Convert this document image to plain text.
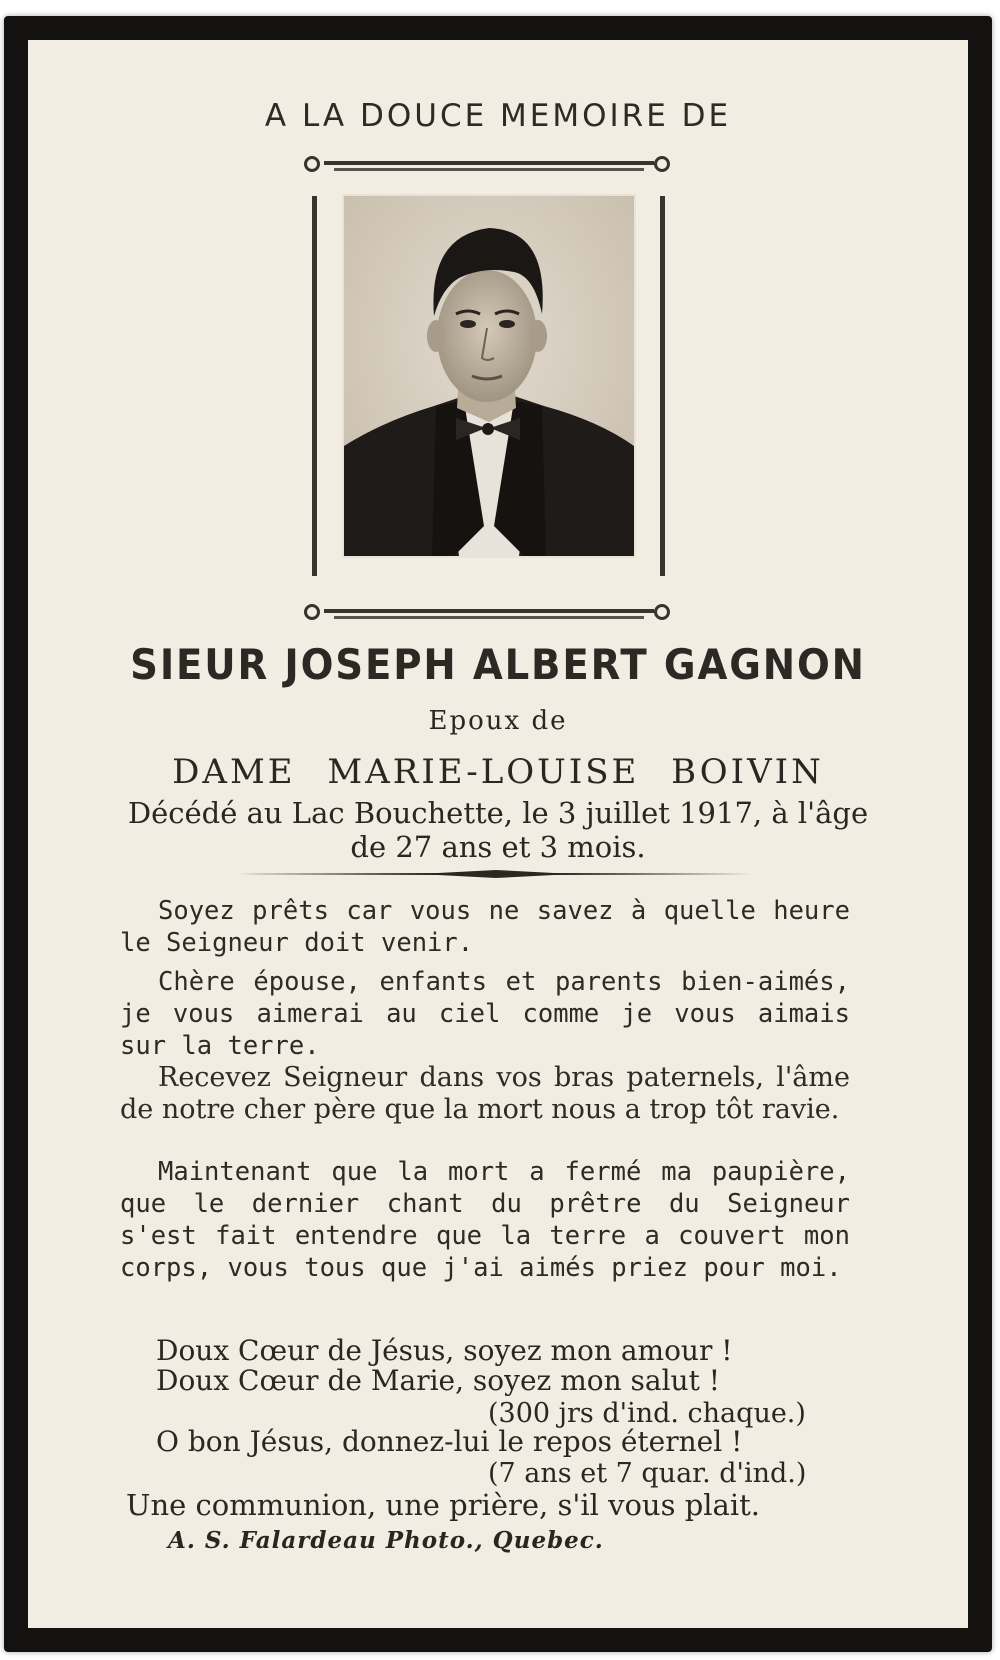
A LA DOUCE MEMOIRE DE
SIEUR JOSEPH ALBERT GAGNON
Epoux de
DAME MARIE-LOUISE BOIVIN
Décédé au Lac Bouchette, le 3 juillet 1917, à l'âge
de 27 ans et 3 mois.
Soyez prêts car vous ne savez à quelle heure le Seigneur doit venir.
Chère épouse, enfants et parents bien-aimés, je vous aimerai au ciel comme je vous aimais sur la terre.
Recevez Seigneur dans vos bras paternels, l'âme de notre cher père que la mort nous a trop tôt ravie.
Maintenant que la mort a fermé ma paupière, que le dernier chant du prêtre du Seigneur s'est fait entendre que la terre a couvert mon corps, vous tous que j'ai aimés priez pour moi.
Doux Cœur de Jésus, soyez mon amour !
Doux Cœur de Marie, soyez mon salut !
(300 jrs d'ind. chaque.)
O bon Jésus, donnez-lui le repos éternel !
(7 ans et 7 quar. d'ind.)
Une communion, une prière, s'il vous plait.
A. S. Falardeau Photo., Quebec.
